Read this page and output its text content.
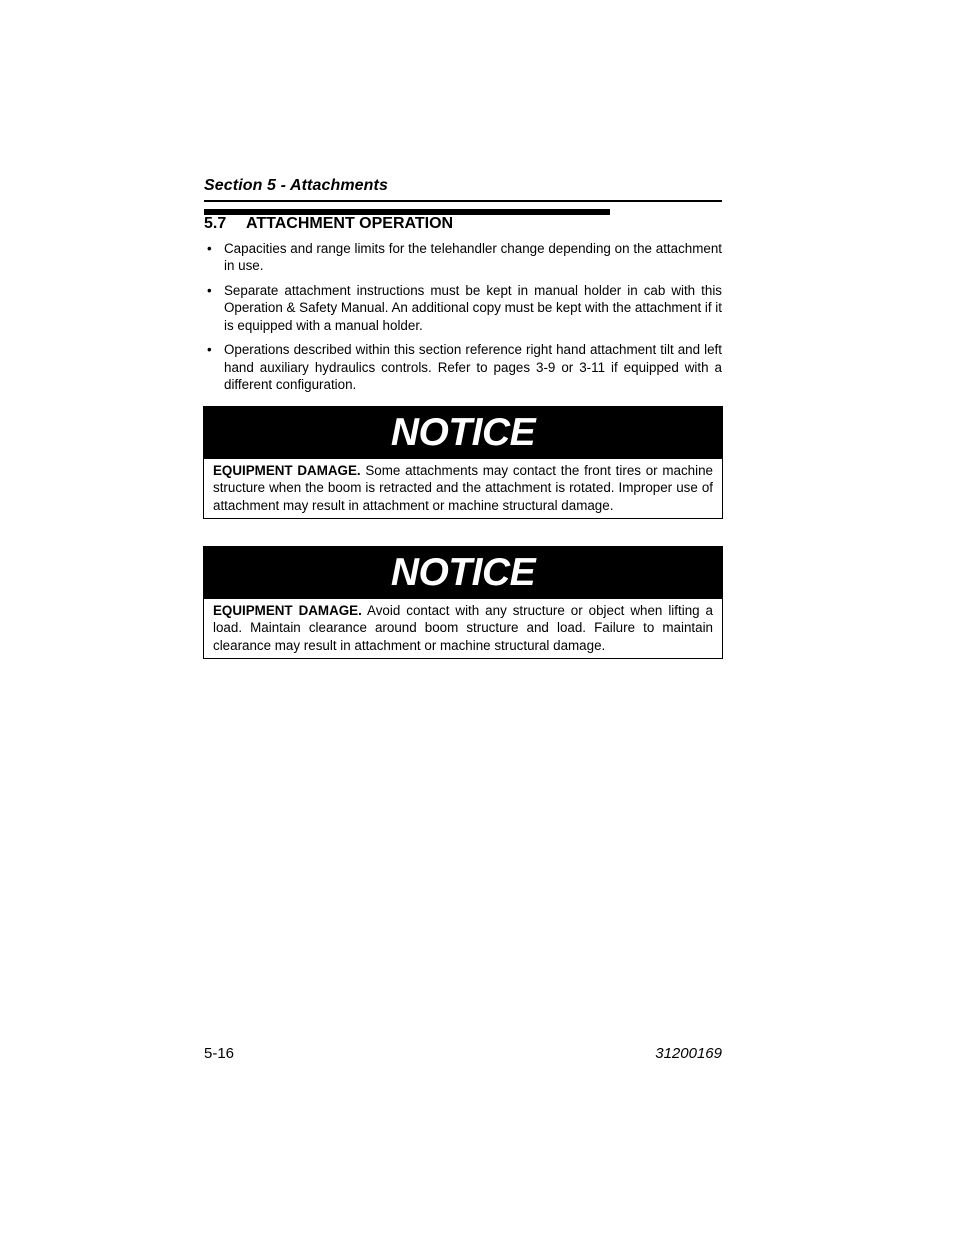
Section 5 - Attachments
5.7 ATTACHMENT OPERATION
• Capacities and range limits for the telehandler change depending on the attachment in use.
• Separate attachment instructions must be kept in manual holder in cab with this Operation & Safety Manual. An additional copy must be kept with the attachment if it is equipped with a manual holder.
• Operations described within this section reference right hand attachment tilt and left hand auxiliary hydraulics controls. Refer to pages 3-9 or 3-11 if equipped with a different configuration.
NOTICE
EQUIPMENT DAMAGE. Some attachments may contact the front tires or machine structure when the boom is retracted and the attachment is rotated. Improper use of attachment may result in attachment or machine structural damage.
NOTICE
EQUIPMENT DAMAGE. Avoid contact with any structure or object when lifting a load. Maintain clearance around boom structure and load. Failure to maintain clearance may result in attachment or machine structural damage.
5-16	31200169
